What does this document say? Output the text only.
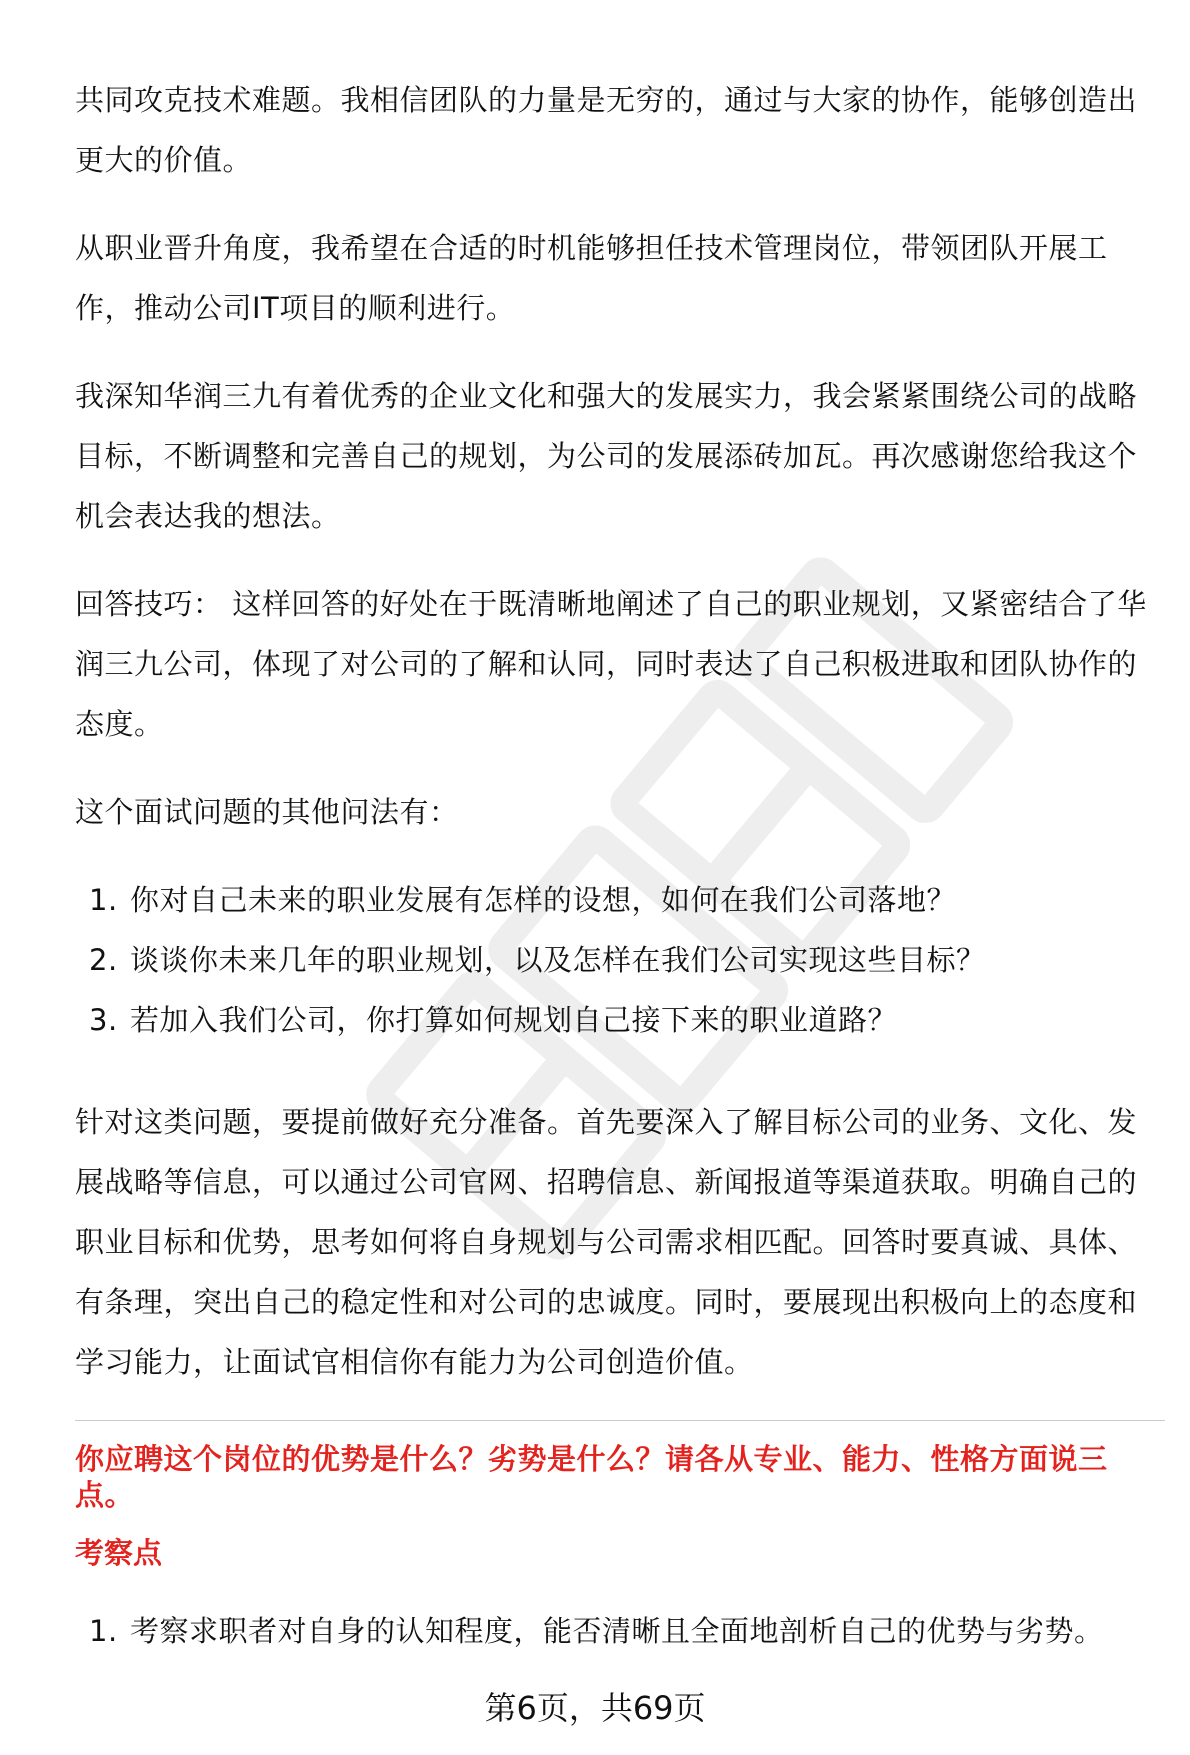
共同攻克技术难题。我相信团队的力量是无穷的，通过与大家的协作，能够创造出更大的价值。

从职业晋升角度，我希望在合适的时机能够担任技术管理岗位，带领团队开展工作，推动公司IT项目的顺利进行。

我深知华润三九有着优秀的企业文化和强大的发展实力，我会紧紧围绕公司的战略目标，不断调整和完善自己的规划，为公司的发展添砖加瓦。再次感谢您给我这个机会表达我的想法。

回答技巧： 这样回答的好处在于既清晰地阐述了自己的职业规划，又紧密结合了华润三九公司，体现了对公司的了解和认同，同时表达了自己积极进取和团队协作的态度。

这个面试问题的其他问法有：

1. 你对自己未来的职业发展有怎样的设想，如何在我们公司落地？
2. 谈谈你未来几年的职业规划，以及怎样在我们公司实现这些目标？
3. 若加入我们公司，你打算如何规划自己接下来的职业道路？

针对这类问题，要提前做好充分准备。首先要深入了解目标公司的业务、文化、发展战略等信息，可以通过公司官网、招聘信息、新闻报道等渠道获取。明确自己的职业目标和优势，思考如何将自身规划与公司需求相匹配。回答时要真诚、具体、有条理，突出自己的稳定性和对公司的忠诚度。同时，要展现出积极向上的态度和学习能力，让面试官相信你有能力为公司创造价值。

你应聘这个岗位的优势是什么？劣势是什么？请各从专业、能力、性格方面说三点。
考察点
1. 考察求职者对自身的认知程度，能否清晰且全面地剖析自己的优势与劣势。
第6页，共69页
